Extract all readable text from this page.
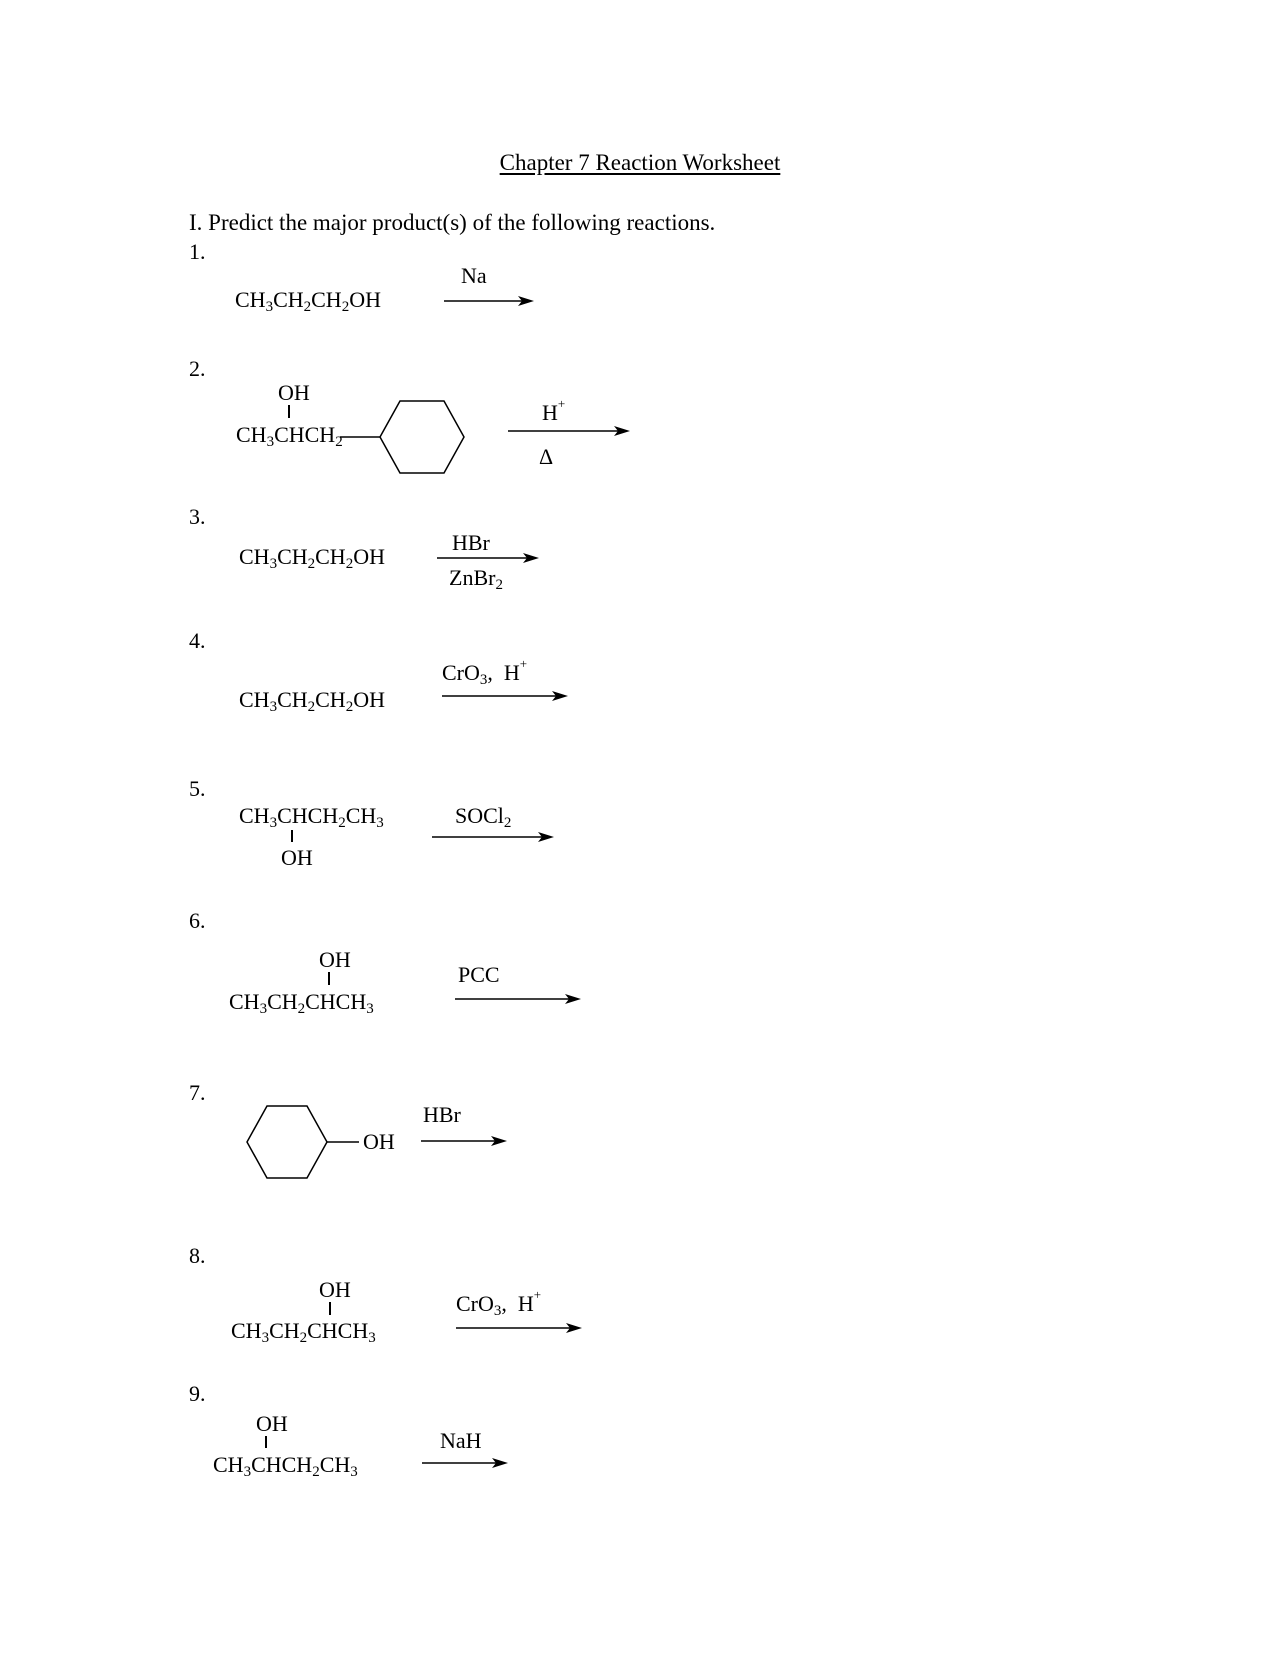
Chapter 7 Reaction Worksheet
I. Predict the major product(s) of the following reactions.
1.
$CH_3CH_2CH_2OH$
Na
2.
OH
$CH_3CHCH_2$
H+
Δ
3.
$CH_3CH_2CH_2OH$
HBr
ZnBr$_2$
4.
$CH_3CH_2CH_2OH$
CrO$_3$, H+
5.
$CH_3CHCH_2CH_3$
OH
SOCl$_2$
6.
OH
$CH_3CH_2CHCH_3$
PCC
7.
OH
HBr
8.
OH
$CH_3CH_2CHCH_3$
CrO$_3$, H+
9.
OH
$CH_3CHCH_2CH_3$
NaH
